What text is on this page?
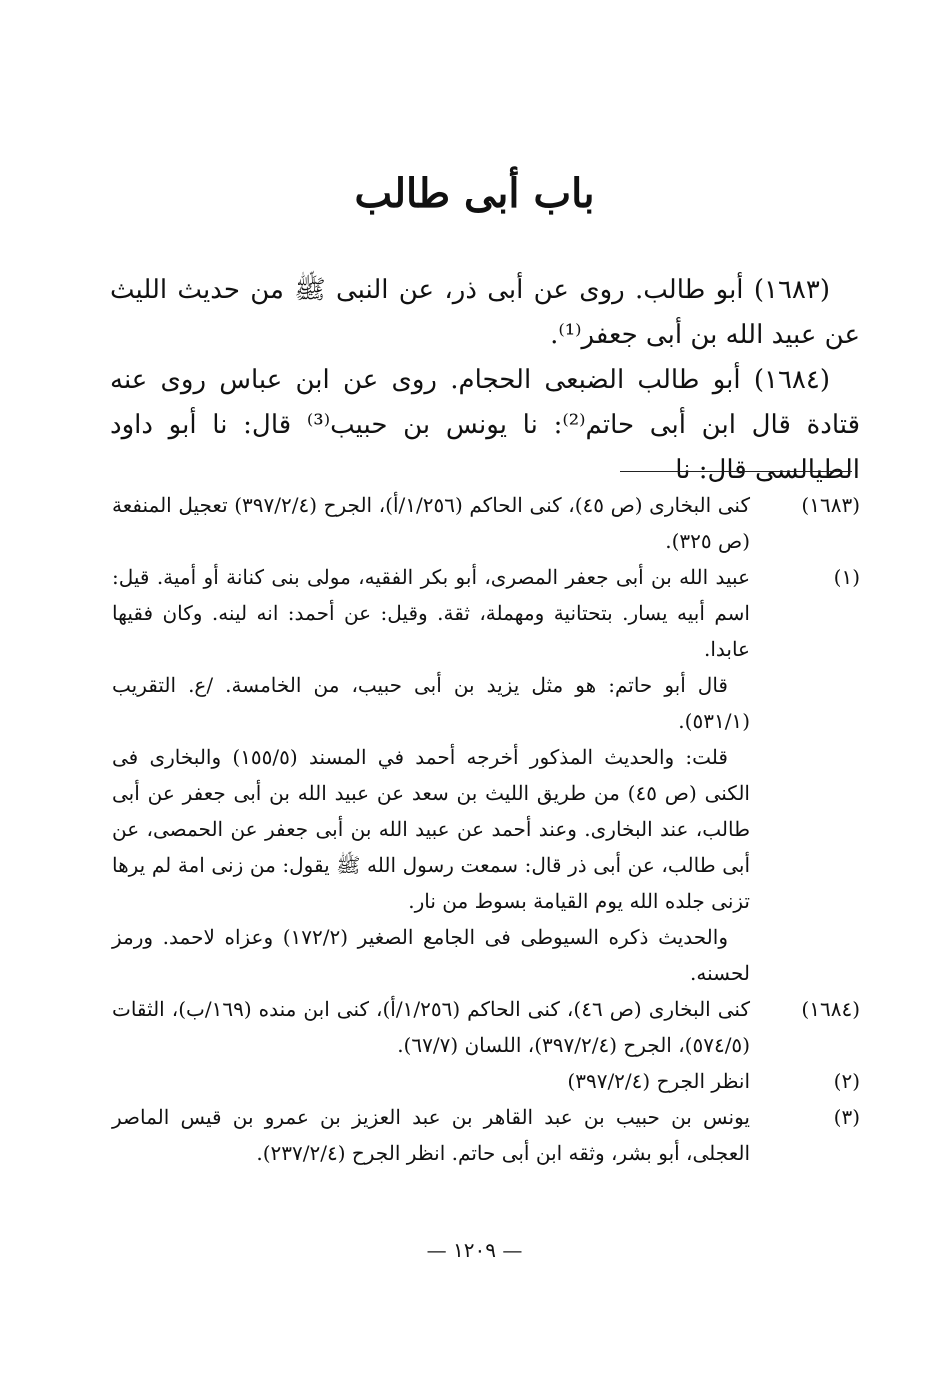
باب أبى طالب

(١٦٨٣) أبو طالب. روى عن أبى ذر، عن النبى ﷺ من حديث الليث عن عبيد الله بن أبى جعفر⁽¹⁾.

(١٦٨٤) أبو طالب الضبعى الحجام. روى عن ابن عباس روى عنه قتادة قال ابن أبى حاتم⁽²⁾: نا يونس بن حبيب⁽³⁾ قال: نا أبو داود الطيالسى قال: نا

(١٦٨٣)
كنى البخارى (ص ٤٥)، كنى الحاكم (١/٢٥٦/أ)، الجرح (٣٩٧/٢/٤) تعجيل المنفعة (ص ٣٢٥).
(١)
عبيد الله بن أبى جعفر المصرى، أبو بكر الفقيه، مولى بنى كنانة أو أمية. قيل: اسم أبيه يسار. بتحتانية ومهملة، ثقة. وقيل: عن أحمد: انه لينه. وكان فقيها عابدا.
قال أبو حاتم: هو مثل يزيد بن أبى حبيب، من الخامسة. /ع. التقريب (٥٣١/١).
قلت: والحديث المذكور أخرجه أحمد في المسند (١٥٥/٥) والبخارى فى الكنى (ص ٤٥) من طريق الليث بن سعد عن عبيد الله بن أبى جعفر عن أبى طالب، عند البخارى. وعند أحمد عن عبيد الله بن أبى جعفر عن الحمصى، عن أبى طالب، عن أبى ذر قال: سمعت رسول الله ﷺ يقول: من زنى امة لم يرها تزنى جلده الله يوم القيامة بسوط من نار.
والحديث ذكره السيوطى فى الجامع الصغير (١٧٢/٢) وعزاه لاحمد. ورمز لحسنه.
(١٦٨٤)
كنى البخارى (ص ٤٦)، كنى الحاكم (١/٢٥٦/أ)، كنى ابن منده (١٦٩/ب)، الثقات (٥٧٤/٥)، الجرح (٣٩٧/٢/٤)، اللسان (٦٧/٧).
(٢)
انظر الجرح (٣٩٧/٢/٤)
(٣)
يونس بن حبيب بن عبد القاهر بن عبد العزيز بن عمرو بن قيس الماصر العجلى، أبو بشر، وثقه ابن أبى حاتم. انظر الجرح (٢٣٧/٢/٤).
— ١٢٠٩ —
